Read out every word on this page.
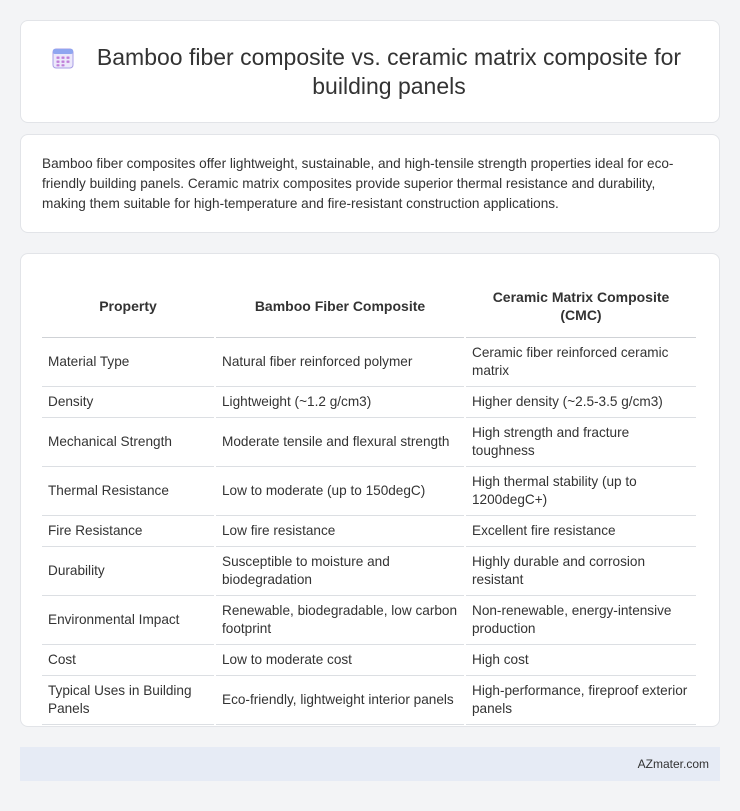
Bamboo fiber composite vs. ceramic matrix composite for building panels

Bamboo fiber composites offer lightweight, sustainable, and high-tensile strength properties ideal for eco-friendly building panels. Ceramic matrix composites provide superior thermal resistance and durability, making them suitable for high-temperature and fire-resistant construction applications.

Property	Bamboo Fiber Composite	Ceramic Matrix Composite (CMC)
Material Type	Natural fiber reinforced polymer	Ceramic fiber reinforced ceramic matrix
Density	Lightweight (~1.2 g/cm3)	Higher density (~2.5-3.5 g/cm3)
Mechanical Strength	Moderate tensile and flexural strength	High strength and fracture toughness
Thermal Resistance	Low to moderate (up to 150degC)	High thermal stability (up to 1200degC+)
Fire Resistance	Low fire resistance	Excellent fire resistance
Durability	Susceptible to moisture and biodegradation	Highly durable and corrosion resistant
Environmental Impact	Renewable, biodegradable, low carbon footprint	Non-renewable, energy-intensive production
Cost	Low to moderate cost	High cost
Typical Uses in Building Panels	Eco-friendly, lightweight interior panels	High-performance, fireproof exterior panels
AZmater.com
